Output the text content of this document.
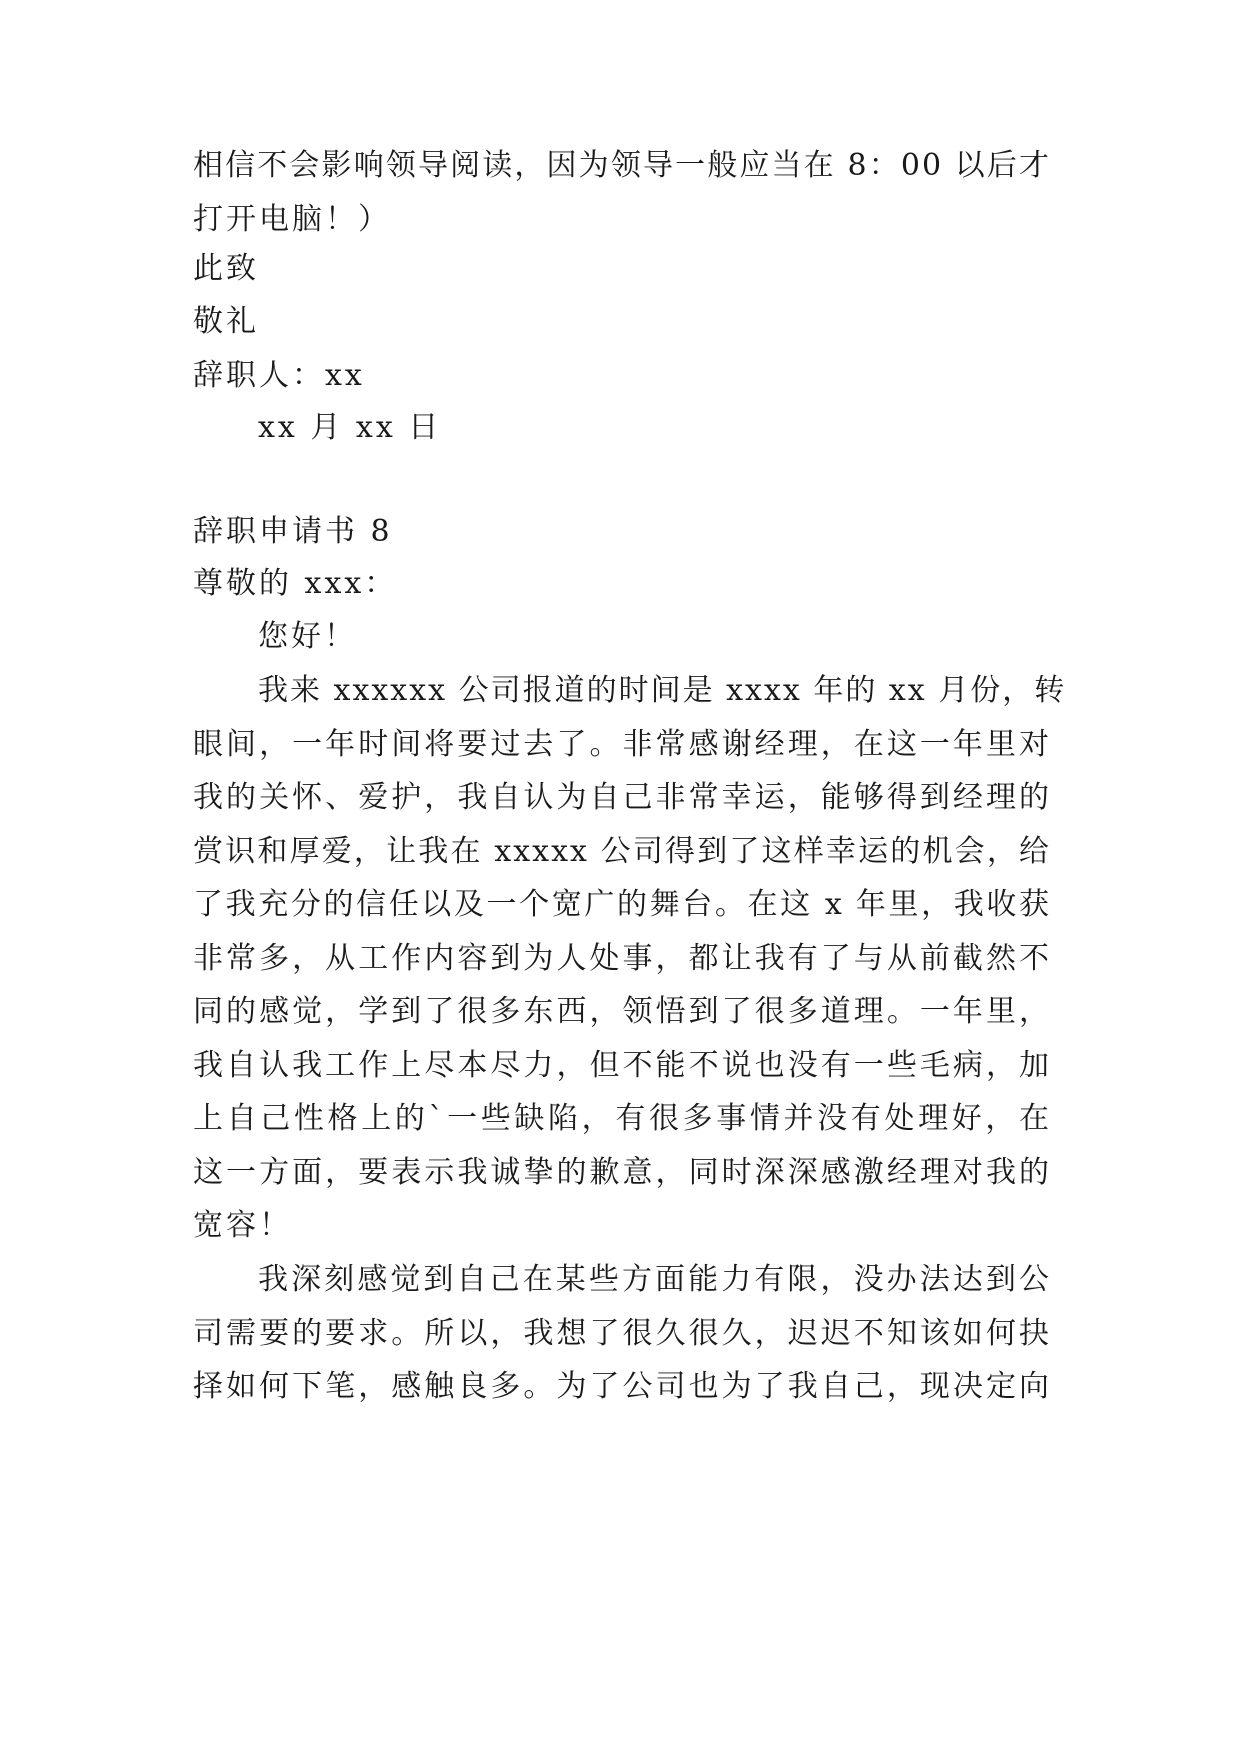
相信不会影响领导阅读，因为领导一般应当在 8：00 以后才
打开电脑！）
此致
敬礼
辞职人：xx
xx 月 xx 日
辞职申请书 8
尊敬的 xxx：
您好！
我来 xxxxxx 公司报道的时间是 xxxx 年的 xx 月份，转
眼间，一年时间将要过去了。非常感谢经理，在这一年里对
我的关怀、爱护，我自认为自己非常幸运，能够得到经理的
赏识和厚爱，让我在 xxxxx 公司得到了这样幸运的机会，给
了我充分的信任以及一个宽广的舞台。在这 x 年里，我收获
非常多，从工作内容到为人处事，都让我有了与从前截然不
同的感觉，学到了很多东西，领悟到了很多道理。一年里，
我自认我工作上尽本尽力，但不能不说也没有一些毛病，加
上自己性格上的`一些缺陷，有很多事情并没有处理好，在
这一方面，要表示我诚挚的歉意，同时深深感激经理对我的
宽容！
我深刻感觉到自己在某些方面能力有限，没办法达到公
司需要的要求。所以，我想了很久很久，迟迟不知该如何抉
择如何下笔，感触良多。为了公司也为了我自己，现决定向
